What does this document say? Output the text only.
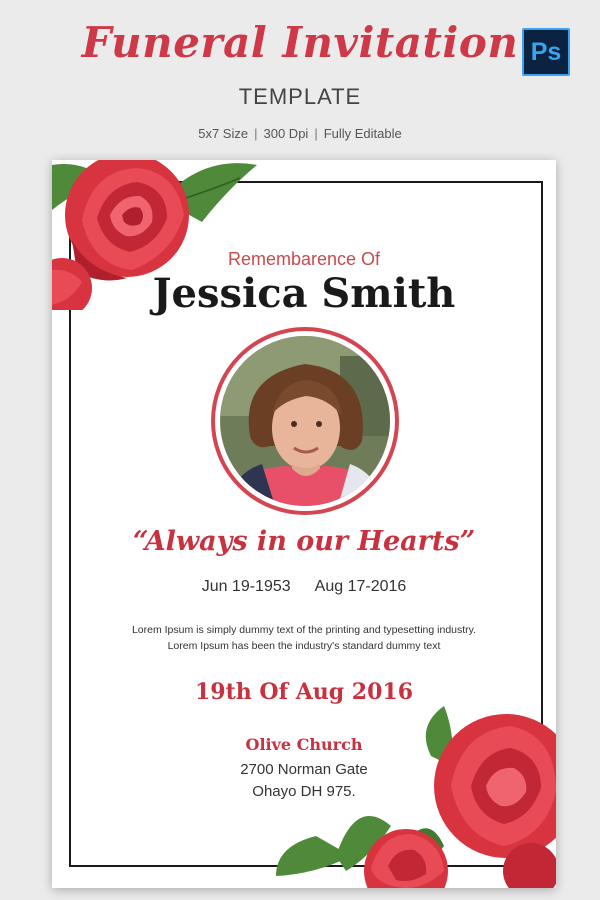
Funeral Invitation Ps
TEMPLATE
5x7 Size | 300 Dpi | Fully Editable
Remembarence Of
Jessica Smith
“Always in our Hearts”
Jun 19-1953 Aug 17-2016
Lorem Ipsum is simply dummy text of the printing and typesetting industry.
Lorem Ipsum has been the industry's standard dummy text
19th Of Aug 2016
Olive Church
2700 Norman Gate
Ohayo DH 975.
